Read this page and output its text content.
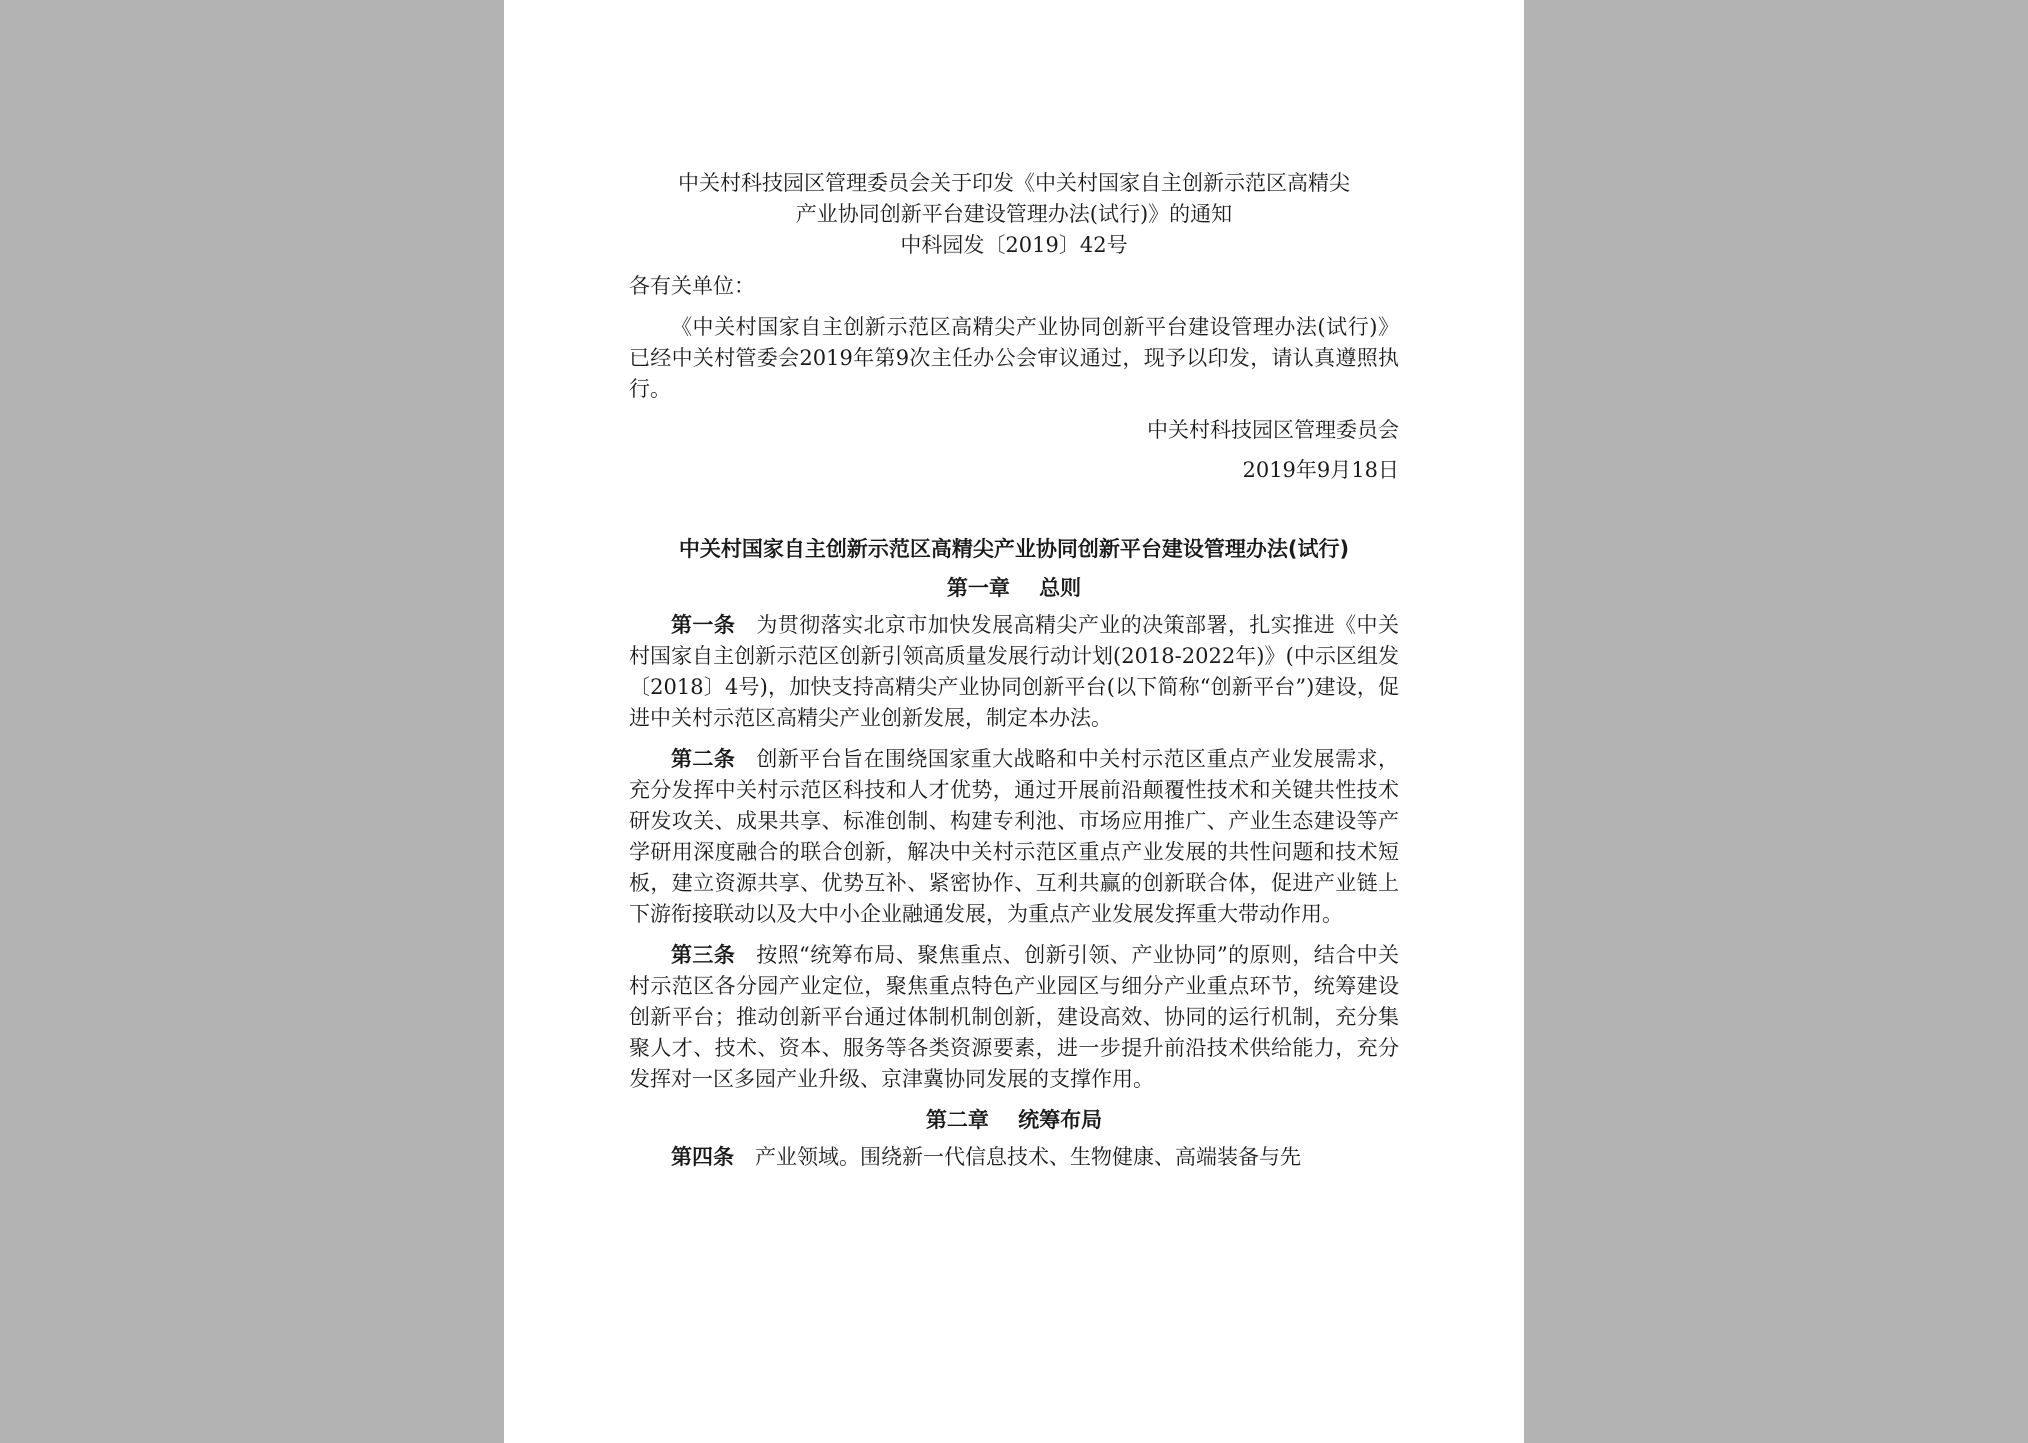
中关村科技园区管理委员会关于印发《中关村国家自主创新示范区高精尖

产业协同创新平台建设管理办法(试行)》的通知

中科园发〔2019〕42号

各有关单位：

《中关村国家自主创新示范区高精尖产业协同创新平台建设管理办法(试行)》已经中关村管委会2019年第9次主任办公会审议通过，现予以印发，请认真遵照执行。

中关村科技园区管理委员会

2019年9月18日

中关村国家自主创新示范区高精尖产业协同创新平台建设管理办法(试行)

第一章    总则

第一条 为贯彻落实北京市加快发展高精尖产业的决策部署，扎实推进《中关村国家自主创新示范区创新引领高质量发展行动计划(2018-2022年)》(中示区组发〔2018〕4号)，加快支持高精尖产业协同创新平台(以下简称“创新平台”)建设，促进中关村示范区高精尖产业创新发展，制定本办法。

第二条 创新平台旨在围绕国家重大战略和中关村示范区重点产业发展需求，充分发挥中关村示范区科技和人才优势，通过开展前沿颠覆性技术和关键共性技术研发攻关、成果共享、标准创制、构建专利池、市场应用推广、产业生态建设等产学研用深度融合的联合创新，解决中关村示范区重点产业发展的共性问题和技术短板，建立资源共享、优势互补、紧密协作、互利共赢的创新联合体，促进产业链上下游衔接联动以及大中小企业融通发展，为重点产业发展发挥重大带动作用。

第三条 按照“统筹布局、聚焦重点、创新引领、产业协同”的原则，结合中关村示范区各分园产业定位，聚焦重点特色产业园区与细分产业重点环节，统筹建设创新平台；推动创新平台通过体制机制创新，建设高效、协同的运行机制，充分集聚人才、技术、资本、服务等各类资源要素，进一步提升前沿技术供给能力，充分发挥对一区多园产业升级、京津冀协同发展的支撑作用。

第二章    统筹布局

第四条 产业领域。围绕新一代信息技术、生物健康、高端装备与先
